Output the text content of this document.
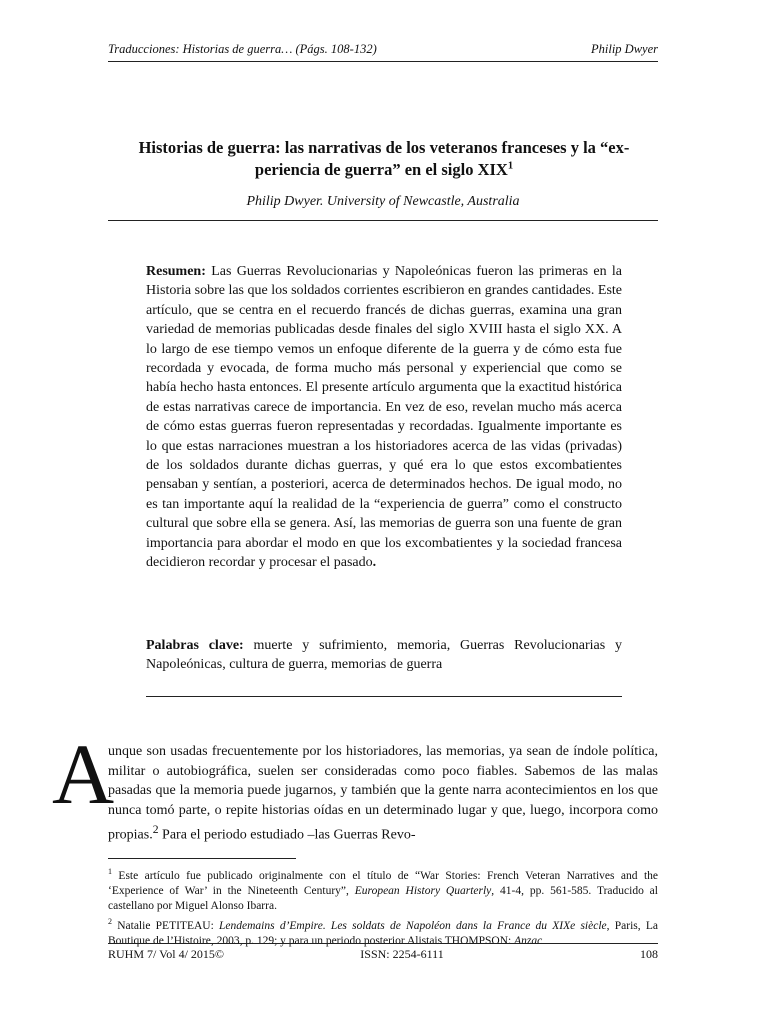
Traducciones: Historias de guerra… (Págs. 108-132)	Philip Dwyer
Historias de guerra: las narrativas de los veteranos franceses y la “ex-periencia de guerra” en el siglo XIX$^1$
Philip Dwyer. University of Newcastle, Australia

Resumen: Las Guerras Revolucionarias y Napoleónicas fueron las primeras en la Historia sobre las que los soldados corrientes escribieron en grandes cantidades. Este artículo, que se centra en el recuerdo francés de dichas guerras, examina una gran variedad de memorias publicadas desde finales del siglo XVIII hasta el siglo XX. A lo largo de ese tiempo vemos un enfoque diferente de la guerra y de cómo esta fue recordada y evocada, de forma mucho más personal y experiencial que como se había hecho hasta entonces. El presente artículo argumenta que la exactitud histórica de estas narrativas carece de importancia. En vez de eso, revelan mucho más acerca de cómo estas guerras fueron representadas y recordadas. Igualmente importante es lo que estas narraciones muestran a los historiadores acerca de las vidas (privadas) de los soldados durante dichas guerras, y qué era lo que estos excombatientes pensaban y sentían, a posteriori, acerca de determinados hechos. De igual modo, no es tan importante aquí la realidad de la “experiencia de guerra” como el constructo cultural que sobre ella se genera. Así, las memorias de guerra son una fuente de gran importancia para abordar el modo en que los excombatientes y la sociedad francesa decidieron recordar y procesar el pasado.

Palabras clave: muerte y sufrimiento, memoria, Guerras Revolucionarias y Napoleónicas, cultura de guerra, memorias de guerra

A

unque son usadas frecuentemente por los historiadores, las memorias, ya sean de índole política, militar o autobiográfica, suelen ser consideradas como poco fiables. Sabemos de las malas pasadas que la memoria puede jugarnos, y también que la gente narra acontecimientos en los que nunca tomó parte, o repite historias oídas en un determinado lugar y que, luego, incorpora como propias.$^2$ Para el periodo estudiado –las Guerras Revo-

$^1$ Este artículo fue publicado originalmente con el título de “War Stories: French Veteran Narratives and the ‘Experience of War’ in the Nineteenth Century”, European History Quarterly, 41-4, pp. 561-585. Traducido al castellano por Miguel Alonso Ibarra.

$^2$ Natalie PETITEAU: Lendemains d’Empire. Les soldats de Napoléon dans la France du XIXe siècle, Paris, La Boutique de l’Histoire, 2003, p. 129; y para un periodo posterior Alistais THOMPSON: Anzac

RUHM 7/ Vol 4/ 2015©	ISSN: 2254-6111	108
